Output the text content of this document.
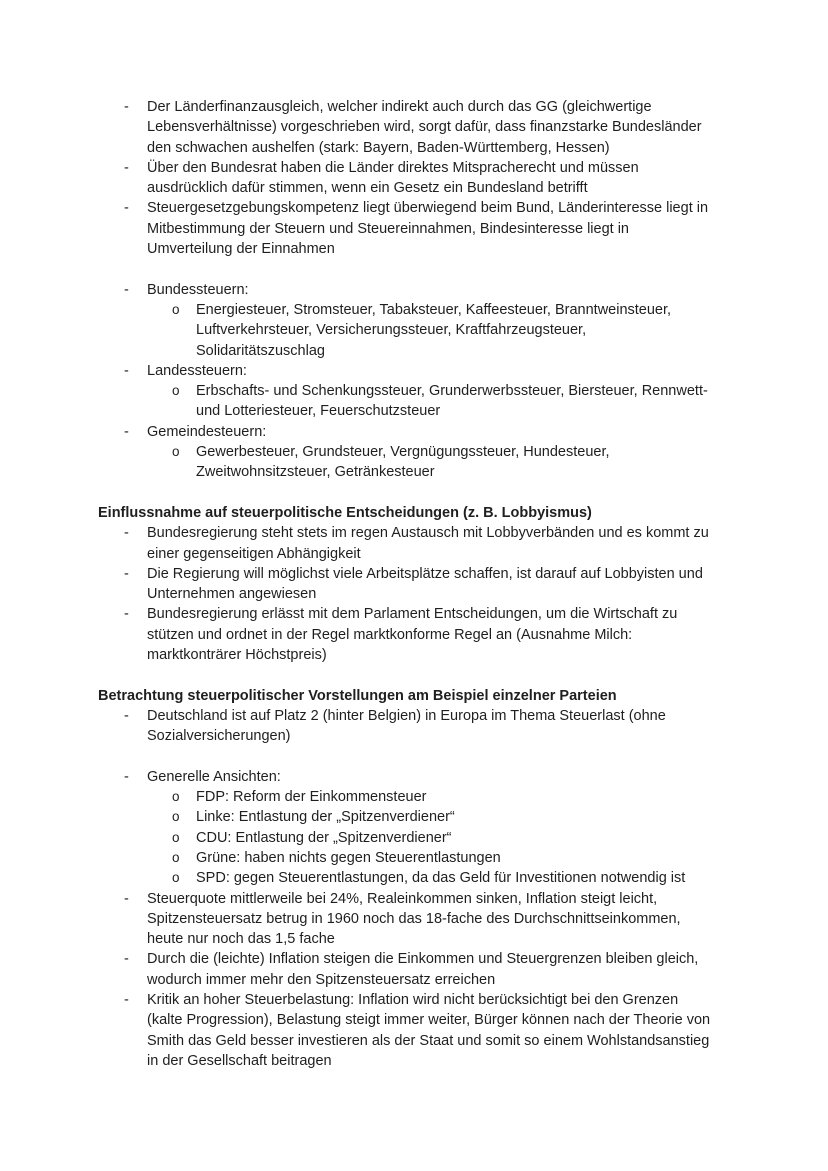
-	Der Länderfinanzausgleich, welcher indirekt auch durch das GG (gleichwertige Lebensverhältnisse) vorgeschrieben wird, sorgt dafür, dass finanzstarke Bundesländer den schwachen aushelfen (stark: Bayern, Baden-Württemberg, Hessen)
-	Über den Bundesrat haben die Länder direktes Mitspracherecht und müssen ausdrücklich dafür stimmen, wenn ein Gesetz ein Bundesland betrifft
-	Steuergesetzgebungskompetenz liegt überwiegend beim Bund, Länderinteresse liegt in Mitbestimmung der Steuern und Steuereinnahmen, Bindesinteresse liegt in Umverteilung der Einnahmen
-	Bundessteuern:
o	Energiesteuer, Stromsteuer, Tabaksteuer, Kaffeesteuer, Branntweinsteuer, Luftverkehrsteuer, Versicherungssteuer, Kraftfahrzeugsteuer, Solidaritätszuschlag
-	Landessteuern:
o	Erbschafts- und Schenkungssteuer, Grunderwerbssteuer, Biersteuer, Rennwett- und Lotteriesteuer, Feuerschutzsteuer
-	Gemeindesteuern:
o	Gewerbesteuer, Grundsteuer, Vergnügungssteuer, Hundesteuer, Zweitwohnsitzsteuer, Getränkesteuer
Einflussnahme auf steuerpolitische Entscheidungen (z. B. Lobbyismus)
-	Bundesregierung steht stets im regen Austausch mit Lobbyverbänden und es kommt zu einer gegenseitigen Abhängigkeit
-	Die Regierung will möglichst viele Arbeitsplätze schaffen, ist darauf auf Lobbyisten und Unternehmen angewiesen
-	Bundesregierung erlässt mit dem Parlament Entscheidungen, um die Wirtschaft zu stützen und ordnet in der Regel marktkonforme Regel an (Ausnahme Milch: marktkonträrer Höchstpreis)
Betrachtung steuerpolitischer Vorstellungen am Beispiel einzelner Parteien
-	Deutschland ist auf Platz 2 (hinter Belgien) in Europa im Thema Steuerlast (ohne Sozialversicherungen)
-	Generelle Ansichten:
o	FDP: Reform der Einkommensteuer
o	Linke: Entlastung der „Spitzenverdiener“
o	CDU: Entlastung der „Spitzenverdiener“
o	Grüne: haben nichts gegen Steuerentlastungen
o	SPD: gegen Steuerentlastungen, da das Geld für Investitionen notwendig ist
-	Steuerquote mittlerweile bei 24%, Realeinkommen sinken, Inflation steigt leicht, Spitzensteuersatz betrug in 1960 noch das 18-fache des Durchschnittseinkommen, heute nur noch das 1,5 fache
-	Durch die (leichte) Inflation steigen die Einkommen und Steuergrenzen bleiben gleich, wodurch immer mehr den Spitzensteuersatz erreichen
-	Kritik an hoher Steuerbelastung: Inflation wird nicht berücksichtigt bei den Grenzen (kalte Progression), Belastung steigt immer weiter, Bürger können nach der Theorie von Smith das Geld besser investieren als der Staat und somit so einem Wohlstandsanstieg in der Gesellschaft beitragen
